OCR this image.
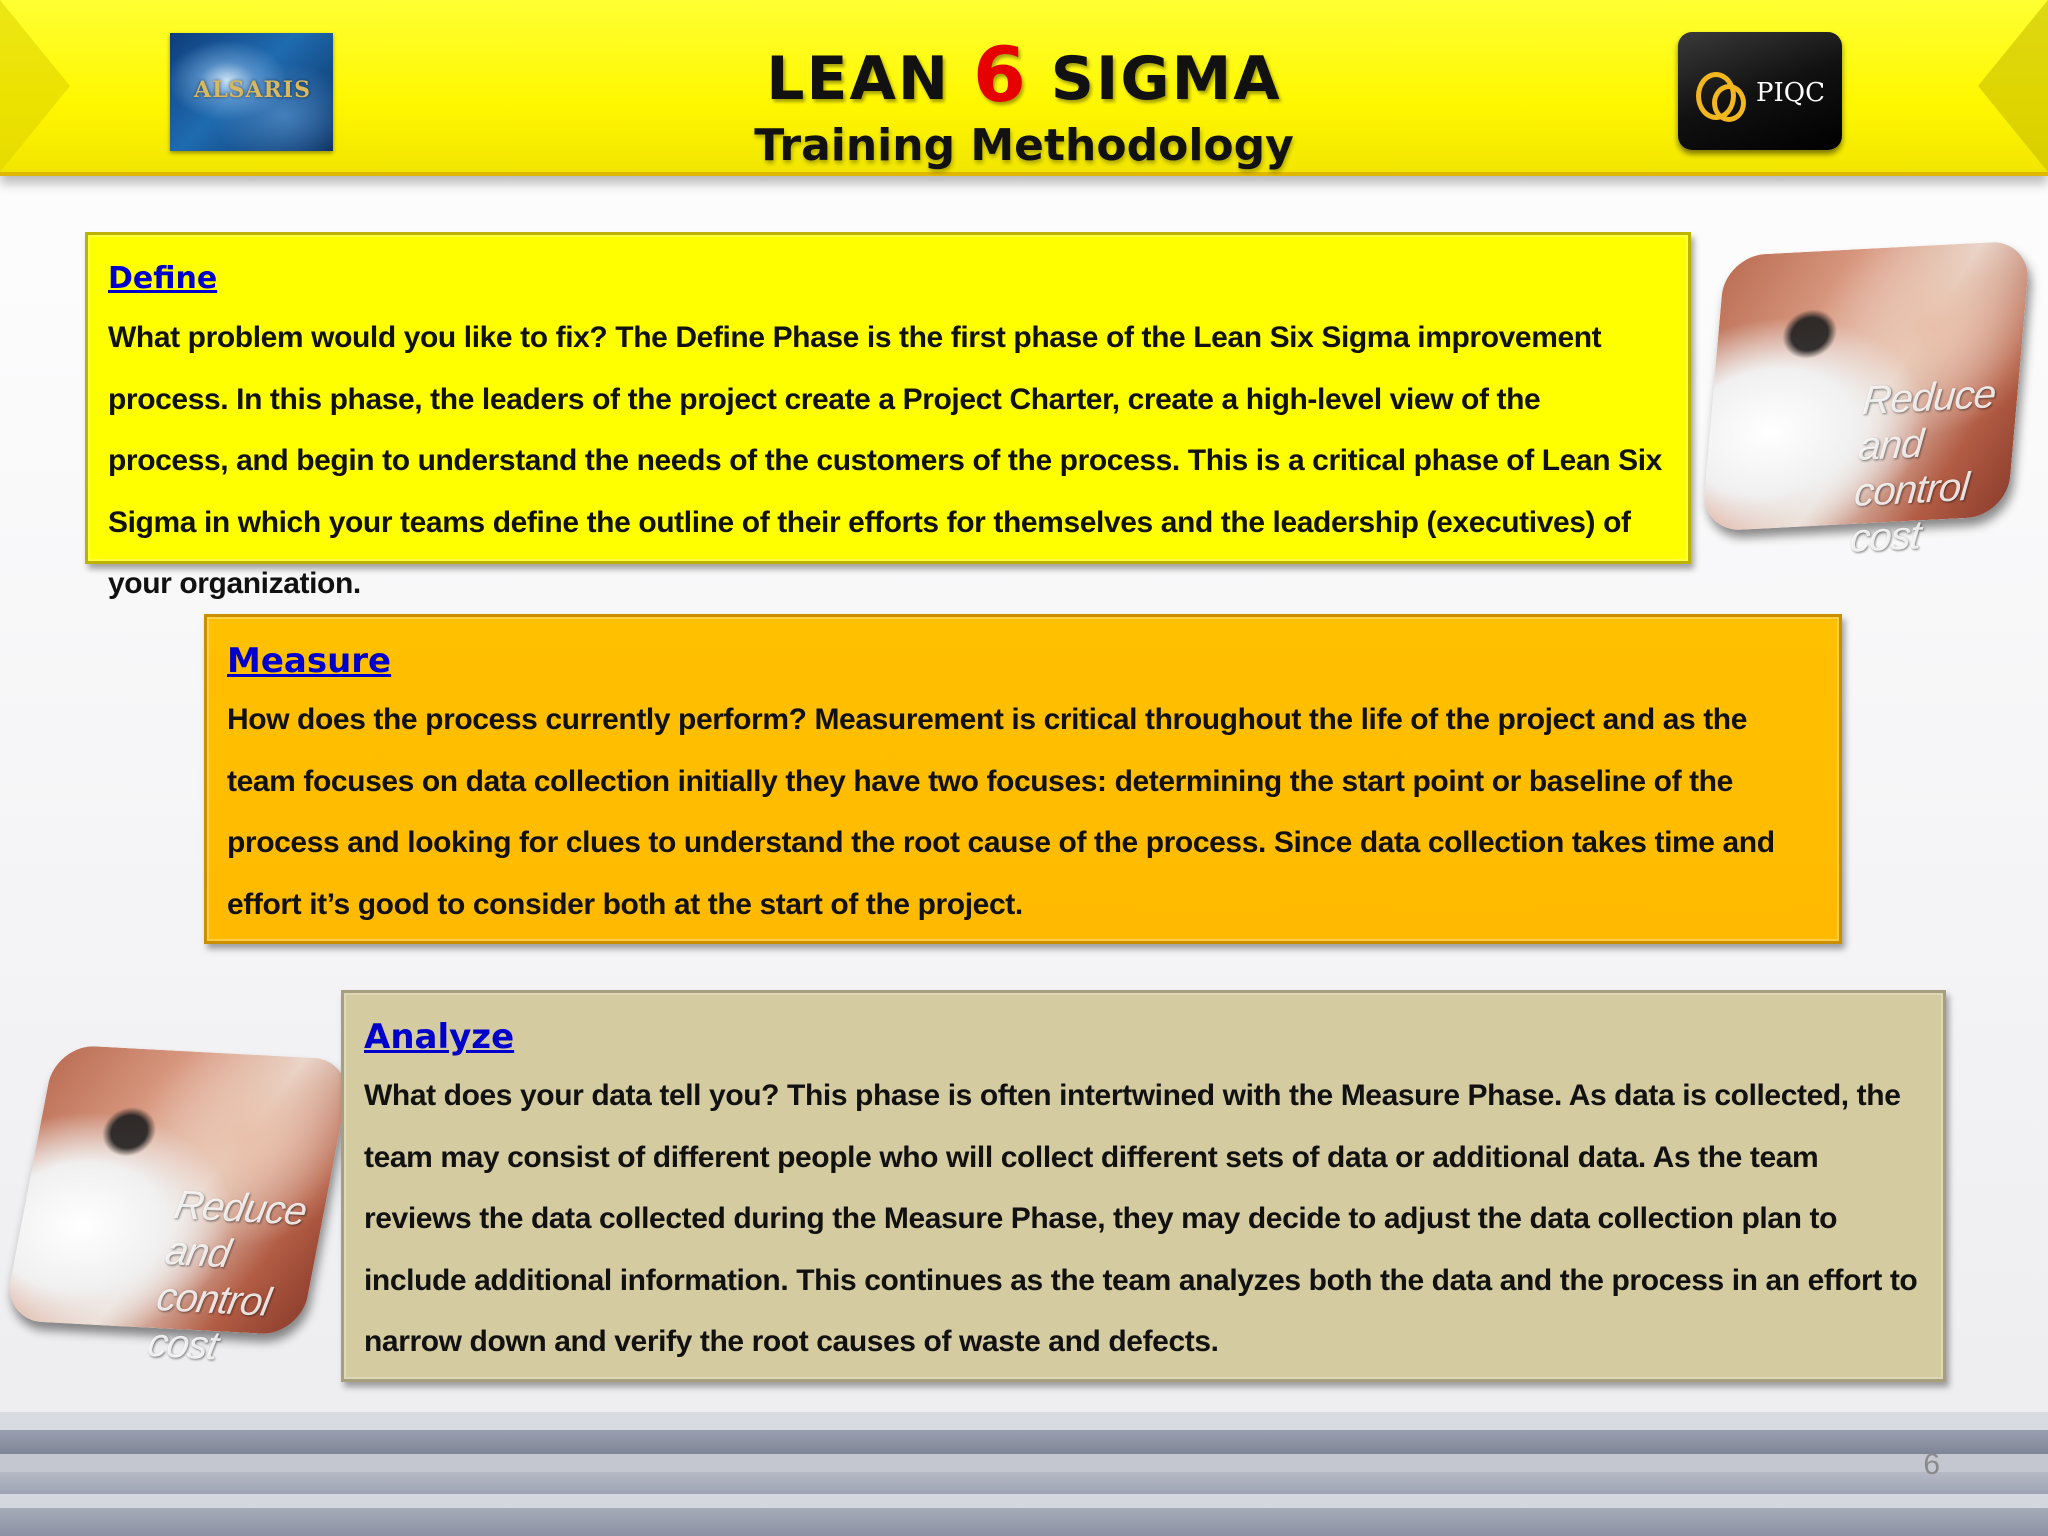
ALSARIS	LEAN 6 SIGMA
Training Methodology
PIQC
Define

What problem would you like to fix? The Define Phase is the first phase of the Lean Six Sigma improvement process. In this phase, the leaders of the project create a Project Charter, create a high-level view of the process, and begin to understand the needs of the customers of the process. This is a critical phase of Lean Six Sigma in which your teams define the outline of their efforts for themselves and the leadership (executives) of your organization.

Reduce and
control cost
Measure

How does the process currently perform? Measurement is critical throughout the life of the project and as the team focuses on data collection initially they have two focuses: determining the start point or baseline of the process and looking for clues to understand the root cause of the process. Since data collection takes time and effort it’s good to consider both at the start of the project.

Reduce and
control cost
Analyze

What does your data tell you? This phase is often intertwined with the Measure Phase. As data is collected, the team may consist of different people who will collect different sets of data or additional data. As the team reviews the data collected during the Measure Phase, they may decide to adjust the data collection plan to include additional information. This continues as the team analyzes both the data and the process in an effort to narrow down and verify the root causes of waste and defects.

6
